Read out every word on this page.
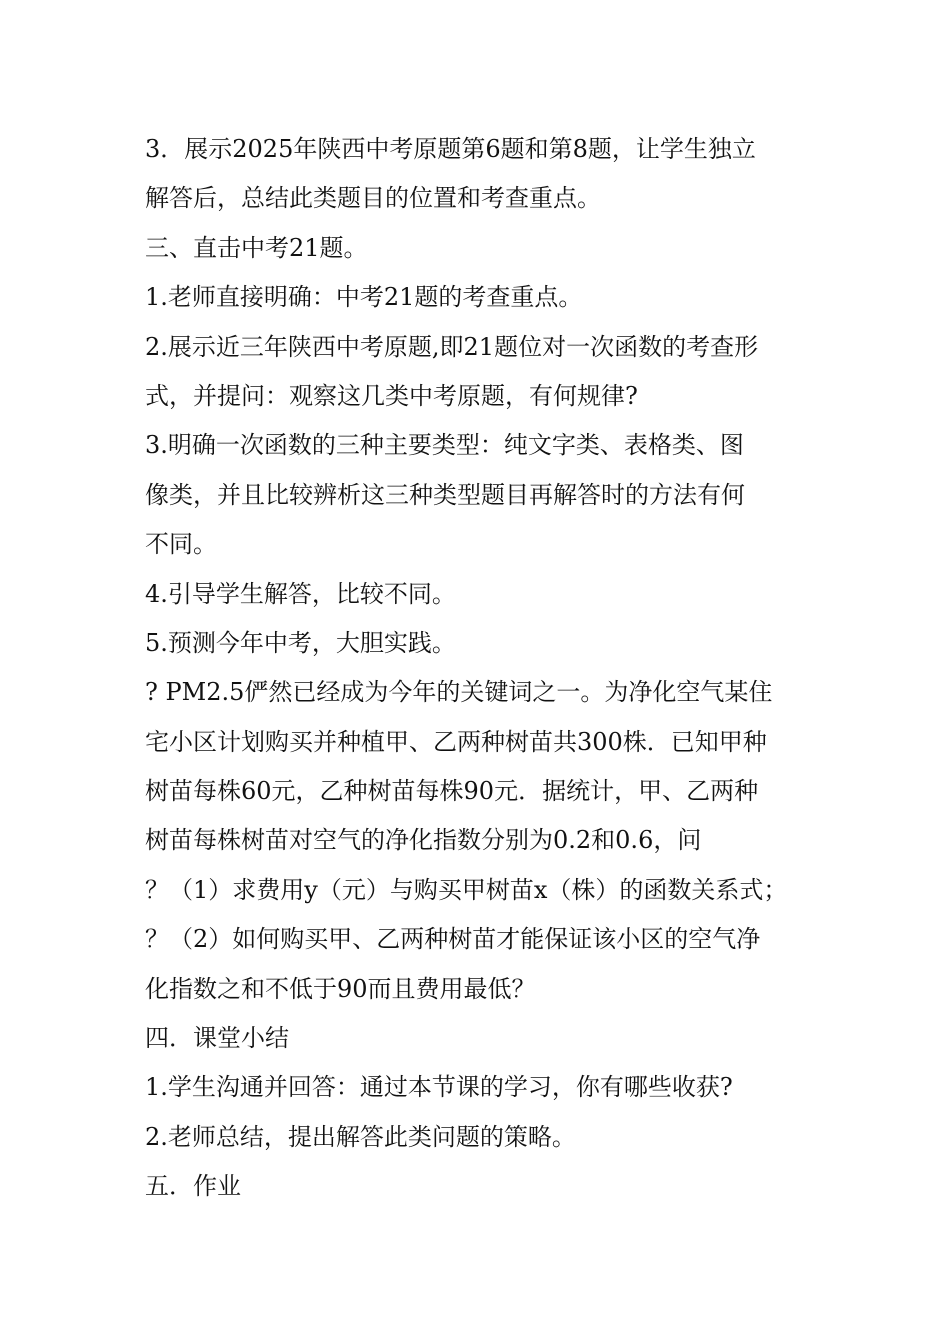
3．展示2025年陕西中考原题第6题和第8题，让学生独立
解答后，总结此类题目的位置和考查重点。
三、直击中考21题。
1.老师直接明确：中考21题的考查重点。
2.展示近三年陕西中考原题,即21题位对一次函数的考查形
式，并提问：观察这几类中考原题，有何规律?
3.明确一次函数的三种主要类型：纯文字类、表格类、图
像类，并且比较辨析这三种类型题目再解答时的方法有何
不同。
4.引导学生解答，比较不同。
5.预测今年中考，大胆实践。
? PM2.5俨然已经成为今年的关键词之一。为净化空气某住
宅小区计划购买并种植甲、乙两种树苗共300株．已知甲种
树苗每株60元，乙种树苗每株90元．据统计，甲、乙两种
树苗每株树苗对空气的净化指数分别为0.2和0.6，问
？（1）求费用y（元）与购买甲树苗x（株）的函数关系式；
？（2）如何购买甲、乙两种树苗才能保证该小区的空气净
化指数之和不低于90而且费用最低？
四．课堂小结
1.学生沟通并回答：通过本节课的学习，你有哪些收获?
2.老师总结，提出解答此类问题的策略。
五．作业
